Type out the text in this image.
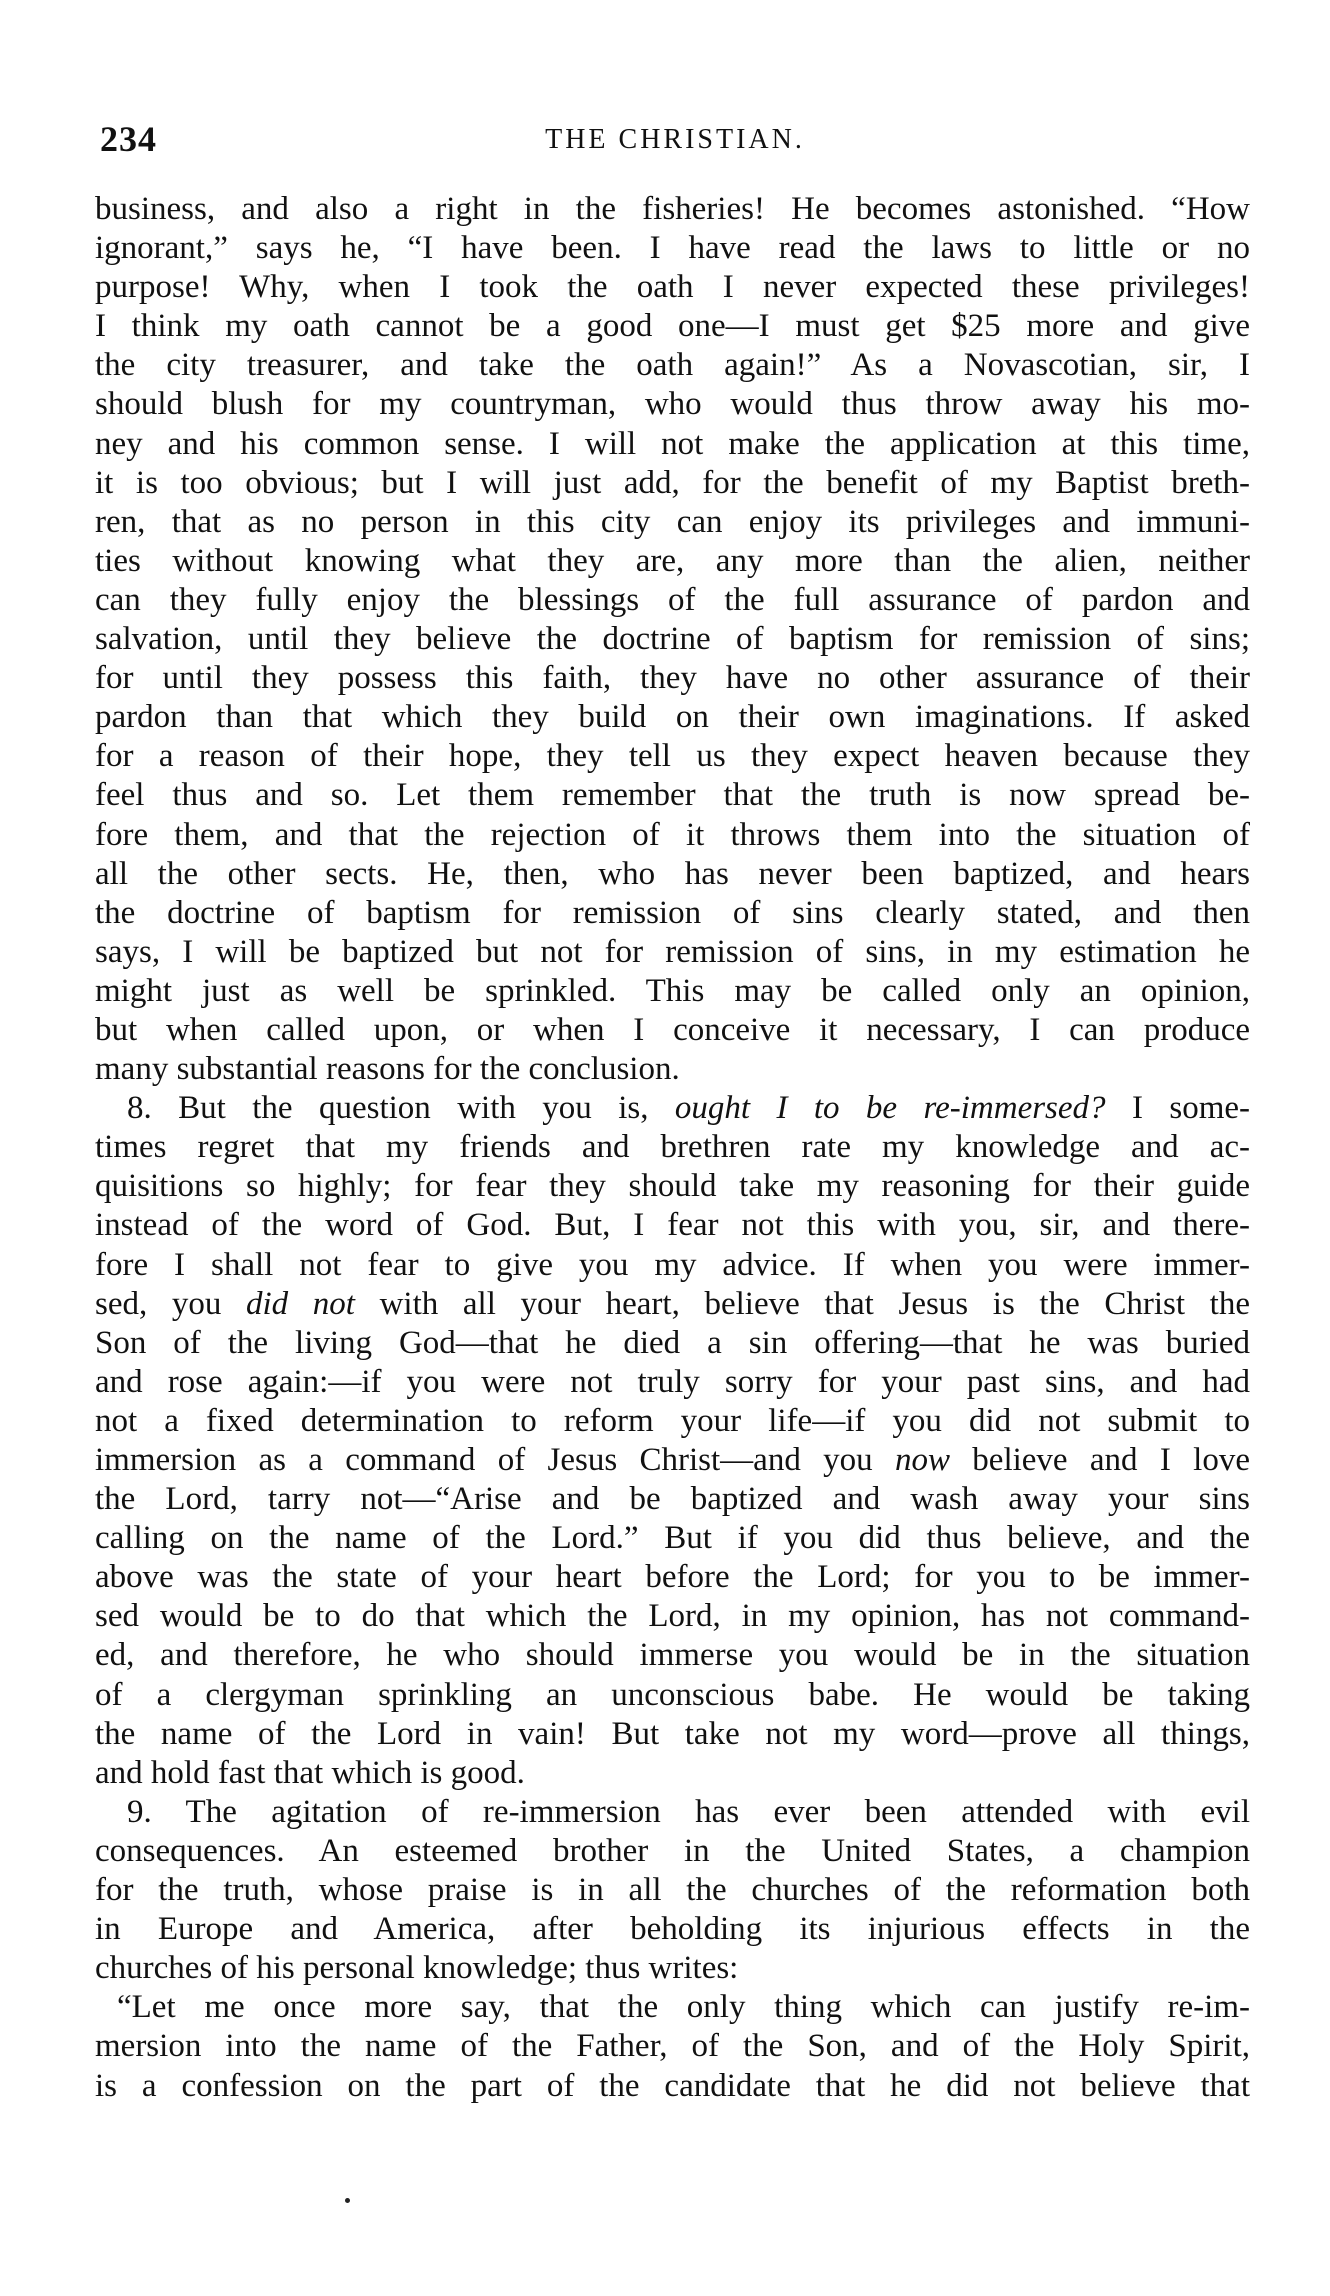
234	THE CHRISTIAN.
business, and also a right in the fisheries! He becomes astonished. “How
ignorant,” says he, “I have been. I have read the laws to little or no
purpose! Why, when I took the oath I never expected these privileges!
I think my oath cannot be a good one—I must get $25 more and give
the city treasurer, and take the oath again!” As a Novascotian, sir, I
should blush for my countryman, who would thus throw away his mo-
ney and his common sense. I will not make the application at this time,
it is too obvious; but I will just add, for the benefit of my Baptist breth-
ren, that as no person in this city can enjoy its privileges and immuni-
ties without knowing what they are, any more than the alien, neither
can they fully enjoy the blessings of the full assurance of pardon and
salvation, until they believe the doctrine of baptism for remission of sins;
for until they possess this faith, they have no other assurance of their
pardon than that which they build on their own imaginations. If asked
for a reason of their hope, they tell us they expect heaven because they
feel thus and so. Let them remember that the truth is now spread be-
fore them, and that the rejection of it throws them into the situation of
all the other sects. He, then, who has never been baptized, and hears
the doctrine of baptism for remission of sins clearly stated, and then
says, I will be baptized but not for remission of sins, in my estimation he
might just as well be sprinkled. This may be called only an opinion,
but when called upon, or when I conceive it necessary, I can produce
many substantial reasons for the conclusion.
8. But the question with you is, ought I to be re-immersed? I some-
times regret that my friends and brethren rate my knowledge and ac-
quisitions so highly; for fear they should take my reasoning for their guide
instead of the word of God. But, I fear not this with you, sir, and there-
fore I shall not fear to give you my advice. If when you were immer-
sed, you did not with all your heart, believe that Jesus is the Christ the
Son of the living God—that he died a sin offering—that he was buried
and rose again:—if you were not truly sorry for your past sins, and had
not a fixed determination to reform your life—if you did not submit to
immersion as a command of Jesus Christ—and you now believe and I love
the Lord, tarry not—“Arise and be baptized and wash away your sins
calling on the name of the Lord.” But if you did thus believe, and the
above was the state of your heart before the Lord; for you to be immer-
sed would be to do that which the Lord, in my opinion, has not command-
ed, and therefore, he who should immerse you would be in the situation
of a clergyman sprinkling an unconscious babe. He would be taking
the name of the Lord in vain! But take not my word—prove all things,
and hold fast that which is good.
9. The agitation of re-immersion has ever been attended with evil
consequences. An esteemed brother in the United States, a champion
for the truth, whose praise is in all the churches of the reformation both
in Europe and America, after beholding its injurious effects in the
churches of his personal knowledge; thus writes:
“Let me once more say, that the only thing which can justify re-im-
mersion into the name of the Father, of the Son, and of the Holy Spirit,
is a confession on the part of the candidate that he did not believe that
